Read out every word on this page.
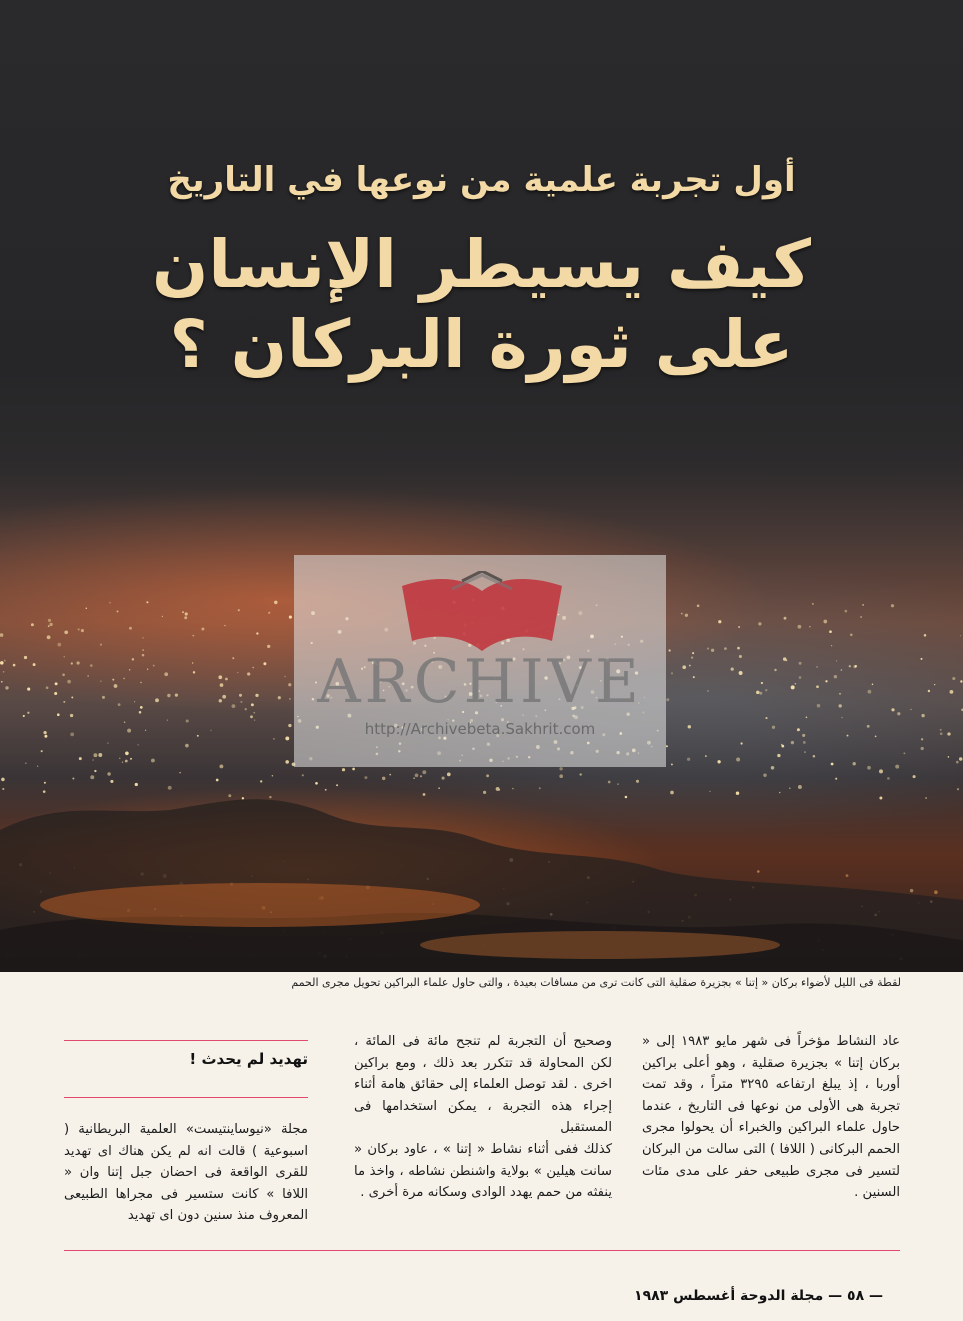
أول تجربة علمية من نوعها في التاريخ
كيف يسيطر الإنسان
على ثورة البركان ؟
ARCHIVE
http://Archivebeta.Sakhrit.com
لقطة فى الليل لأضواء بركان « إتنا » بجزيرة صقلية التى كانت ترى من مسافات بعيدة ، والتى حاول علماء البراكين تحويل مجرى الحمم

عاد النشاط مؤخراً فى شهر مايو ١٩٨٣ إلى « بركان إتنا » بجزيرة صقلية ، وهو أعلى براكين أوربا ، إذ يبلغ ارتفاعه ٣٢٩٥ متراً ، وقد تمت تجربة هى الأولى من نوعها فى التاريخ ، عندما حاول علماء البراكين والخبراء أن يحولوا مجرى الحمم البركانى ( اللافا ) التى سالت من البركان لتسير فى مجرى طبيعى حفر على مدى مئات السنين .

وصحيح أن التجربة لم تنجح مائة فى المائة ، لكن المحاولة قد تتكرر بعد ذلك ، ومع براكين اخرى . لقد توصل العلماء إلى حقائق هامة أثناء إجراء هذه التجربة ، يمكن استخدامها فى المستقبل

كذلك ففى أثناء نشاط « إتنا » ، عاود بركان « سانت هيلين » بولاية واشنطن نشاطه ، واخذ ما ينفثه من حمم يهدد الوادى وسكانه مرة أخرى .

تهديد لم يحدث !

مجلة «نيوساينتيست» العلمية البريطانية ( اسبوعية ) قالت انه لم يكن هناك اى تهديد للقرى الواقعة فى احضان جبل إتنا وان « اللافا » كانت ستسير فى مجراها الطبيعى المعروف منذ سنين دون اى تهديد

— ٥٨ — مجلة الدوحة أغسطس ١٩٨٣
